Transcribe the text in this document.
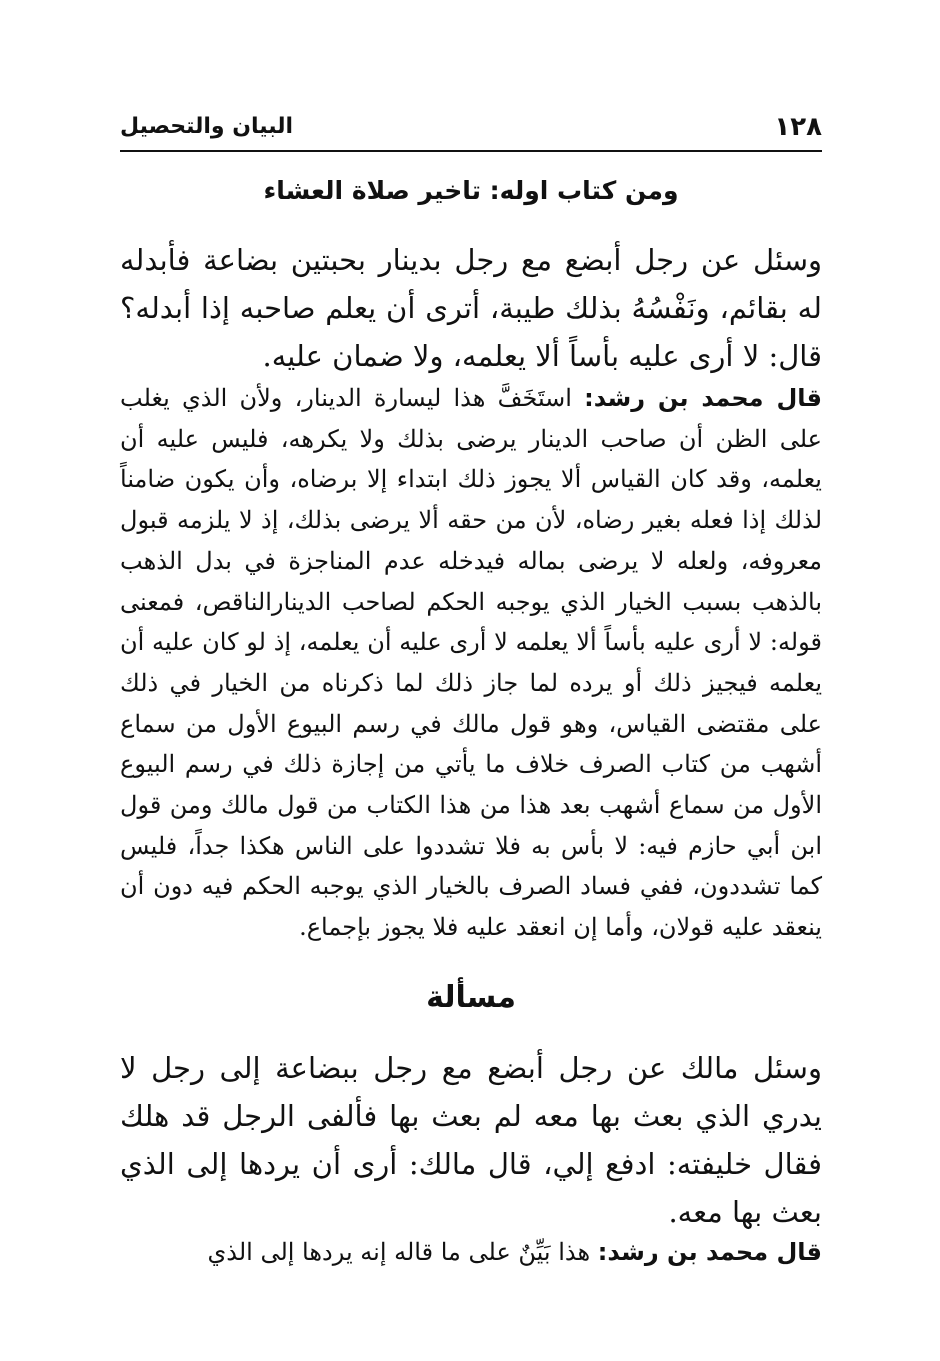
١٢٨
البيان والتحصيل
ومن كتاب اوله: تاخير صلاة العشاء

وسئل عن رجل أبضع مع رجل بدينار بحبتين بضاعة فأبدله له بقائم، ونَفْسُهُ بذلك طيبة، أترى أن يعلم صاحبه إذا أبدله؟ قال: لا أرى عليه بأساً ألا يعلمه، ولا ضمان عليه.

قال محمد بن رشد: استَخَفَّ هذا ليسارة الدينار، ولأن الذي يغلب على الظن أن صاحب الدينار يرضى بذلك ولا يكرهه، فليس عليه أن يعلمه، وقد كان القياس ألا يجوز ذلك ابتداء إلا برضاه، وأن يكون ضامناً لذلك إذا فعله بغير رضاه، لأن من حقه ألا يرضى بذلك، إذ لا يلزمه قبول معروفه، ولعله لا يرضى بماله فيدخله عدم المناجزة في بدل الذهب بالذهب بسبب الخيار الذي يوجبه الحكم لصاحب الدينارالناقص، فمعنى قوله: لا أرى عليه بأساً ألا يعلمه لا أرى عليه أن يعلمه، إذ لو كان عليه أن يعلمه فيجيز ذلك أو يرده لما جاز ذلك لما ذكرناه من الخيار في ذلك على مقتضى القياس، وهو قول مالك في رسم البيوع الأول من سماع أشهب من كتاب الصرف خلاف ما يأتي من إجازة ذلك في رسم البيوع الأول من سماع أشهب بعد هذا من هذا الكتاب من قول مالك ومن قول ابن أبي حازم فيه: لا بأس به فلا تشددوا على الناس هكذا جداً، فليس كما تشددون، ففي فساد الصرف بالخيار الذي يوجبه الحكم فيه دون أن ينعقد عليه قولان، وأما إن انعقد عليه فلا يجوز بإجماع.

مسألة

وسئل مالك عن رجل أبضع مع رجل ببضاعة إلى رجل لا يدري الذي بعث بها معه لم بعث بها فألفى الرجل قد هلك فقال خليفته: ادفع إلي، قال مالك: أرى أن يردها إلى الذي بعث بها معه.

قال محمد بن رشد: هذا بَيِّنٌ على ما قاله إنه يردها إلى الذي
